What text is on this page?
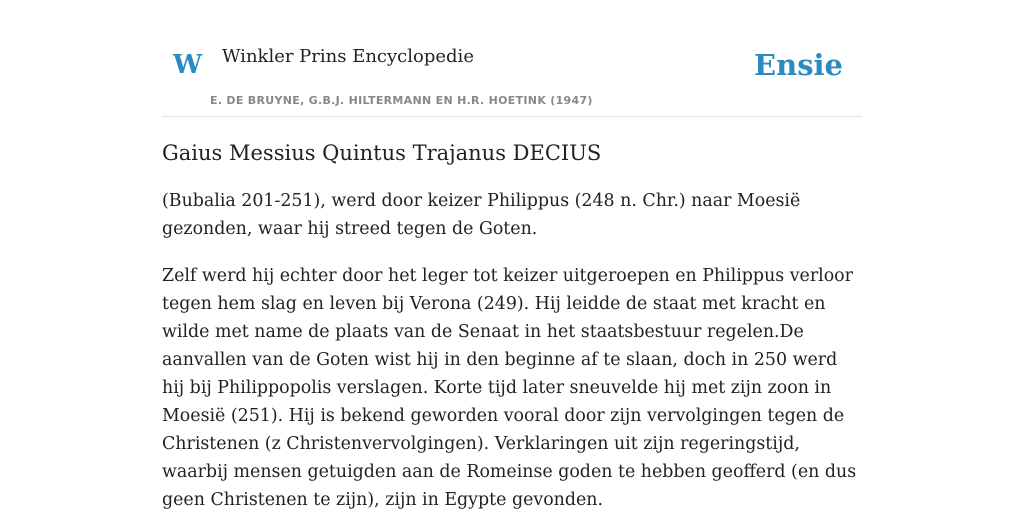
W Winkler Prins Encyclopedie
E. DE BRUYNE, G.B.J. HILTERMANN EN H.R. HOETINK (1947)
Ensie
Gaius Messius Quintus Trajanus DECIUS

(Bubalia 201-251), werd door keizer Philippus (248 n. Chr.) naar Moesië gezonden, waar hij streed tegen de Goten.

Zelf werd hij echter door het leger tot keizer uitgeroepen en Philippus verloor tegen hem slag en leven bij Verona (249). Hij leidde de staat met kracht en wilde met name de plaats van de Senaat in het staatsbestuur regelen.De aanvallen van de Goten wist hij in den beginne af te slaan, doch in 250 werd hij bij Philippopolis verslagen. Korte tijd later sneuvelde hij met zijn zoon in Moesië (251). Hij is bekend geworden vooral door zijn vervolgingen tegen de Christenen (z Christenvervolgingen). Verklaringen uit zijn regeringstijd, waarbij mensen getuigden aan de Romeinse goden te hebben geofferd (en dus geen Christenen te zijn), zijn in Egypte gevonden.
